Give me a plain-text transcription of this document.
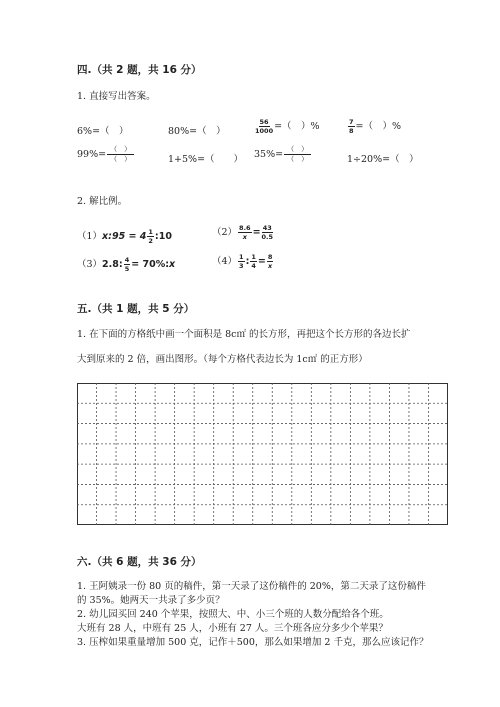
四.（共 2 题，共 16 分）
1. 直接写出答案。
6%=（　）	80%=（　）	$\frac{56}{1000}$ =（　）%	$\frac{7}{8}$ =（　）%
$99\%= \frac{( )}{( )}$	1+5%=（　　） $35\%= \frac{( )}{( )}$	1÷20%=（　）
2. 解比例。
（1）x:95 = $4 \frac{1}{2}$ :10	$(2) \frac{8.6}{x} = \frac{43}{0.5}$
（3）2.8: $\frac{4}{5}$ = 70%:x	$(4) \frac{1}{3}$ : $\frac{1}{4} = \frac{8}{x}$
五.（共 1 题，共 5 分）
1. 在下面的方格纸中画一个面积是 8c㎡ 的长方形，再把这个长方形的各边长扩
大到原来的 2 倍，画出图形。（每个方格代表边长为 1c㎡ 的正方形）
六.（共 6 题，共 36 分）
1. 王阿姨录一份 80 页的稿件，第一天录了这份稿件的 20%，第二天录了这份稿件
的 35%。她两天一共录了多少页？
2. 幼儿园买回 240 个苹果，按照大、中、小三个班的人数分配给各个班。
大班有 28 人，中班有 25 人，小班有 27 人。三个班各应分多少个苹果？
3. 压榨如果重量增加 500 克，记作＋500，那么如果增加 2 千克，那么应该记作？
